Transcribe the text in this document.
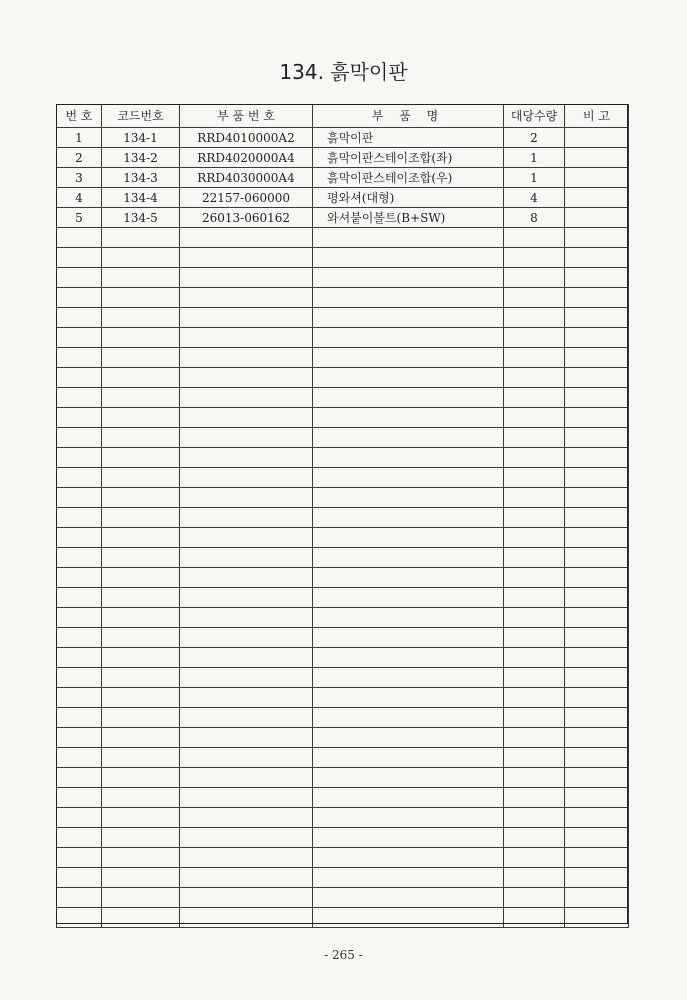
134. 흙막이판
번 호	코드번호	부 품 번 호	부 품 명	대당수량	비 고
1	134-1	RRD4010000A2	흙막이판	2	
2	134-2	RRD4020000A4	흙막이판스테이조합(좌)	1	
3	134-3	RRD4030000A4	흙막이판스테이조합(우)	1	
4	134-4	22157-060000	평와셔(대형)	4	
5	134-5	26013-060162	와셔붙이볼트(B+SW)	8	

- 265 -
